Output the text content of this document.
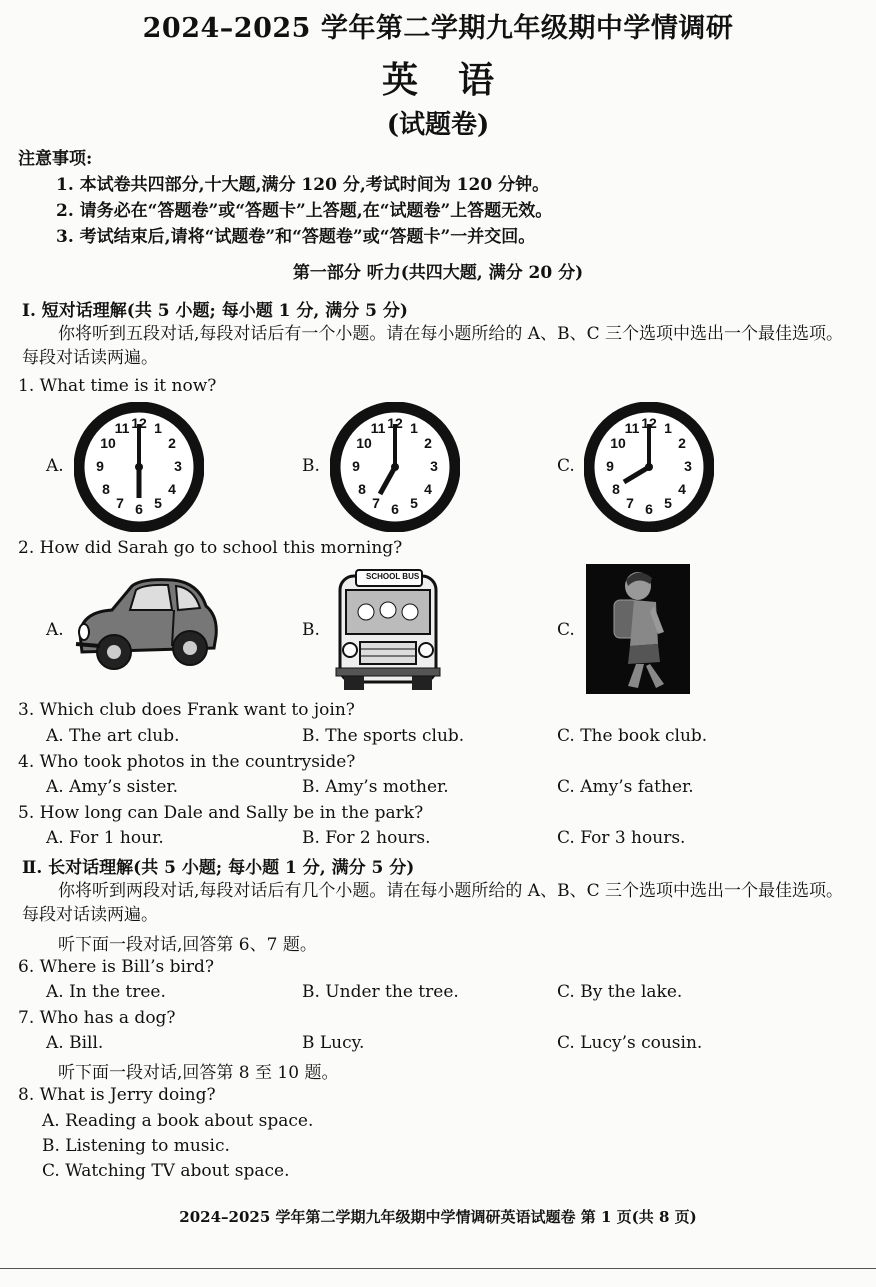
2024–2025 学年第二学期九年级期中学情调研
英语
(试题卷)
注意事项:
1. 本试卷共四部分,十大题,满分 120 分,考试时间为 120 分钟。
2. 请务必在“答题卷”或“答题卡”上答题,在“试题卷”上答题无效。
3. 考试结束后,请将“试题卷”和“答题卷”或“答题卡”一并交回。
第一部分 听力(共四大题, 满分 20 分)
Ⅰ. 短对话理解(共 5 小题; 每小题 1 分, 满分 5 分)
你将听到五段对话,每段对话后有一个小题。请在每小题所给的 A、B、C 三个选项中选出一个最佳选项。每段对话读两遍。
1. What time is it now?
A.	B.	C.
12 1
2
3
4
5
6
7
8
9
10
11	12 1
2
3
4
5
6
7
8
9
10
11	12 1
2
3
4
5
6
7
8
9
10
11
2. How did Sarah go to school this morning?
A.	B.	C.
SCHOOL BUS
3. Which club does Frank want to join?
A. The art club.	B. The sports club.	C. The book club.
4. Who took photos in the countryside?
A. Amy’s sister.	B. Amy’s mother.	C. Amy’s father.
5. How long can Dale and Sally be in the park?
A. For 1 hour.	B. For 2 hours.	C. For 3 hours.
Ⅱ. 长对话理解(共 5 小题; 每小题 1 分, 满分 5 分)
你将听到两段对话,每段对话后有几个小题。请在每小题所给的 A、B、C 三个选项中选出一个最佳选项。每段对话读两遍。
听下面一段对话,回答第 6、7 题。
6. Where is Bill’s bird?
A. In the tree.	B. Under the tree.	C. By the lake.
7. Who has a dog?
A. Bill.	B Lucy.	C. Lucy’s cousin.
听下面一段对话,回答第 8 至 10 题。
8. What is Jerry doing?
A. Reading a book about space.
B. Listening to music.
C. Watching TV about space.
2024–2025 学年第二学期九年级期中学情调研英语试题卷 第 1 页(共 8 页)
